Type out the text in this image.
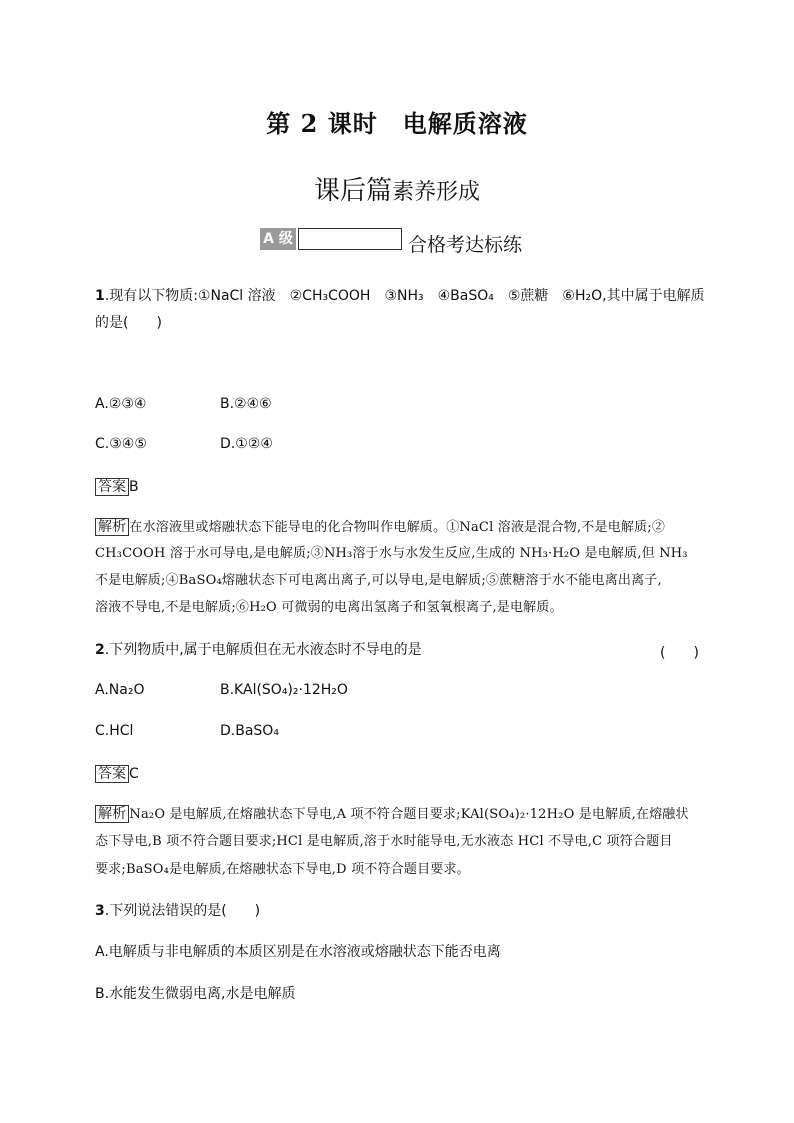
第 2 课时　电解质溶液
课后篇素养形成
A 级	合格考达标练
1.现有以下物质:①NaCl 溶液　②CH₃COOH　③NH₃　④BaSO₄　⑤蔗糖　⑥H₂O,其中属于电解质
的是(　　)
A.②③④	B.②④⑥
C.③④⑤	D.①②④
答案 B
解析 在水溶液里或熔融状态下能导电的化合物叫作电解质。①NaCl 溶液是混合物,不是电解质;②
CH₃COOH 溶于水可导电,是电解质;③NH₃溶于水与水发生反应,生成的 NH₃·H₂O 是电解质,但 NH₃
不是电解质;④BaSO₄熔融状态下可电离出离子,可以导电,是电解质;⑤蔗糖溶于水不能电离出离子,
溶液不导电,不是电解质;⑥H₂O 可微弱的电离出氢离子和氢氧根离子,是电解质。
2.下列物质中,属于电解质但在无水液态时不导电的是	(　　)
A.Na₂O	B.KAl(SO₄)₂·12H₂O
C.HCl	D.BaSO₄
答案 C
解析 Na₂O 是电解质,在熔融状态下导电,A 项不符合题目要求;KAl(SO₄)₂·12H₂O 是电解质,在熔融状
态下导电,B 项不符合题目要求;HCl 是电解质,溶于水时能导电,无水液态 HCl 不导电,C 项符合题目
要求;BaSO₄是电解质,在熔融状态下导电,D 项不符合题目要求。
3.下列说法错误的是(　　)
A.电解质与非电解质的本质区别是在水溶液或熔融状态下能否电离
B.水能发生微弱电离,水是电解质
